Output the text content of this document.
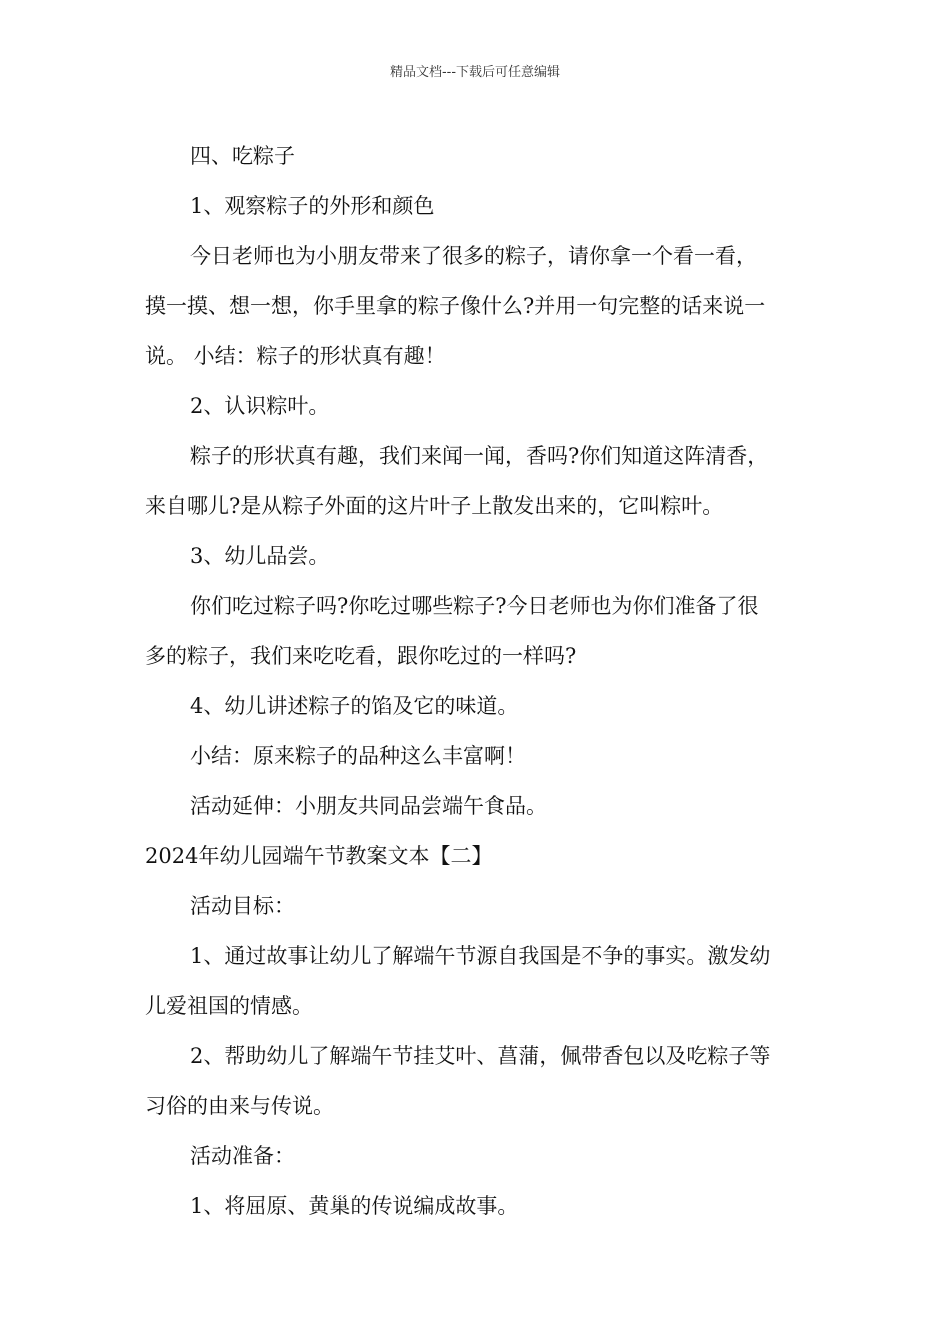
精品文档---下载后可任意编辑
四、吃粽子
1、观察粽子的外形和颜色
今日老师也为小朋友带来了很多的粽子，请你拿一个看一看，
摸一摸、想一想，你手里拿的粽子像什么?并用一句完整的话来说一
说。 小结：粽子的形状真有趣！
2、认识粽叶。
粽子的形状真有趣，我们来闻一闻，香吗?你们知道这阵清香，
来自哪儿?是从粽子外面的这片叶子上散发出来的，它叫粽叶。
3、幼儿品尝。
你们吃过粽子吗?你吃过哪些粽子?今日老师也为你们准备了很
多的粽子，我们来吃吃看，跟你吃过的一样吗?
4、幼儿讲述粽子的馅及它的味道。
小结：原来粽子的品种这么丰富啊！
活动延伸：小朋友共同品尝端午食品。
2024年幼儿园端午节教案文本【二】
活动目标：
1、通过故事让幼儿了解端午节源自我国是不争的事实。激发幼
儿爱祖国的情感。
2、帮助幼儿了解端午节挂艾叶、菖蒲，佩带香包以及吃粽子等
习俗的由来与传说。
活动准备：
1、将屈原、黄巢的传说编成故事。
